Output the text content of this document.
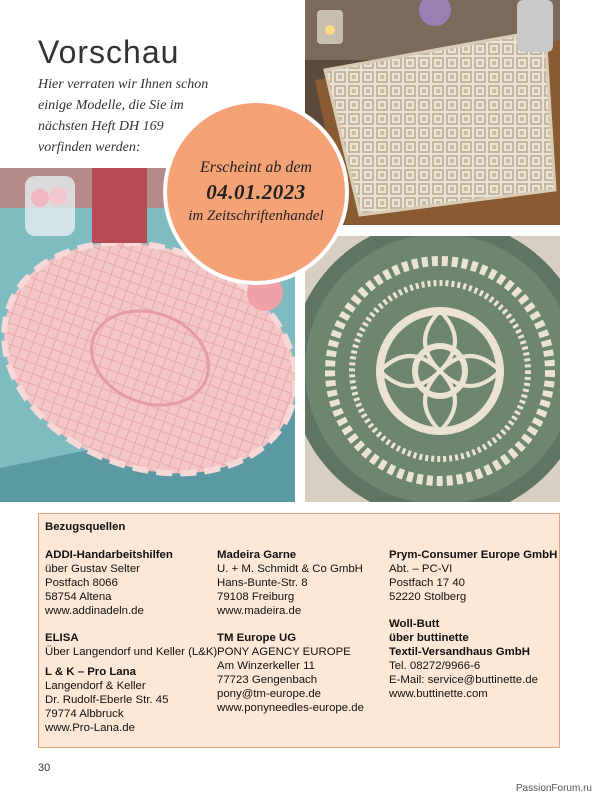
Vorschau
Hier verraten wir Ihnen schon
einige Modelle, die Sie im
nächsten Heft DH 169
vorfinden werden:
Erscheint ab dem
04.01.2023
im Zeitschriftenhandel
Bezugsquellen
ADDI-Handarbeitshilfen
über Gustav Selter
Postfach 8066
58754 Altena
www.addinadeln.de
ELISA
Über Langendorf und Keller (L&K)
L & K – Pro Lana
Langendorf & Keller
Dr. Rudolf-Eberle Str. 45
79774 Albbruck
www.Pro-Lana.de
Madeira Garne
U. + M. Schmidt & Co GmbH
Hans-Bunte-Str. 8
79108 Freiburg
www.madeira.de
TM Europe UG
PONY AGENCY EUROPE
Am Winzerkeller 11
77723 Gengenbach
pony@tm-europe.de
www.ponyneedles-europe.de
Prym-Consumer Europe GmbH
Abt. – PC-VI
Postfach 17 40
52220 Stolberg
Woll-Butt
über buttinette
Textil-Versandhaus GmbH
Tel. 08272/9966-6
E-Mail: service@buttinette.de
www.buttinette.com
30
PassionForum.ru
